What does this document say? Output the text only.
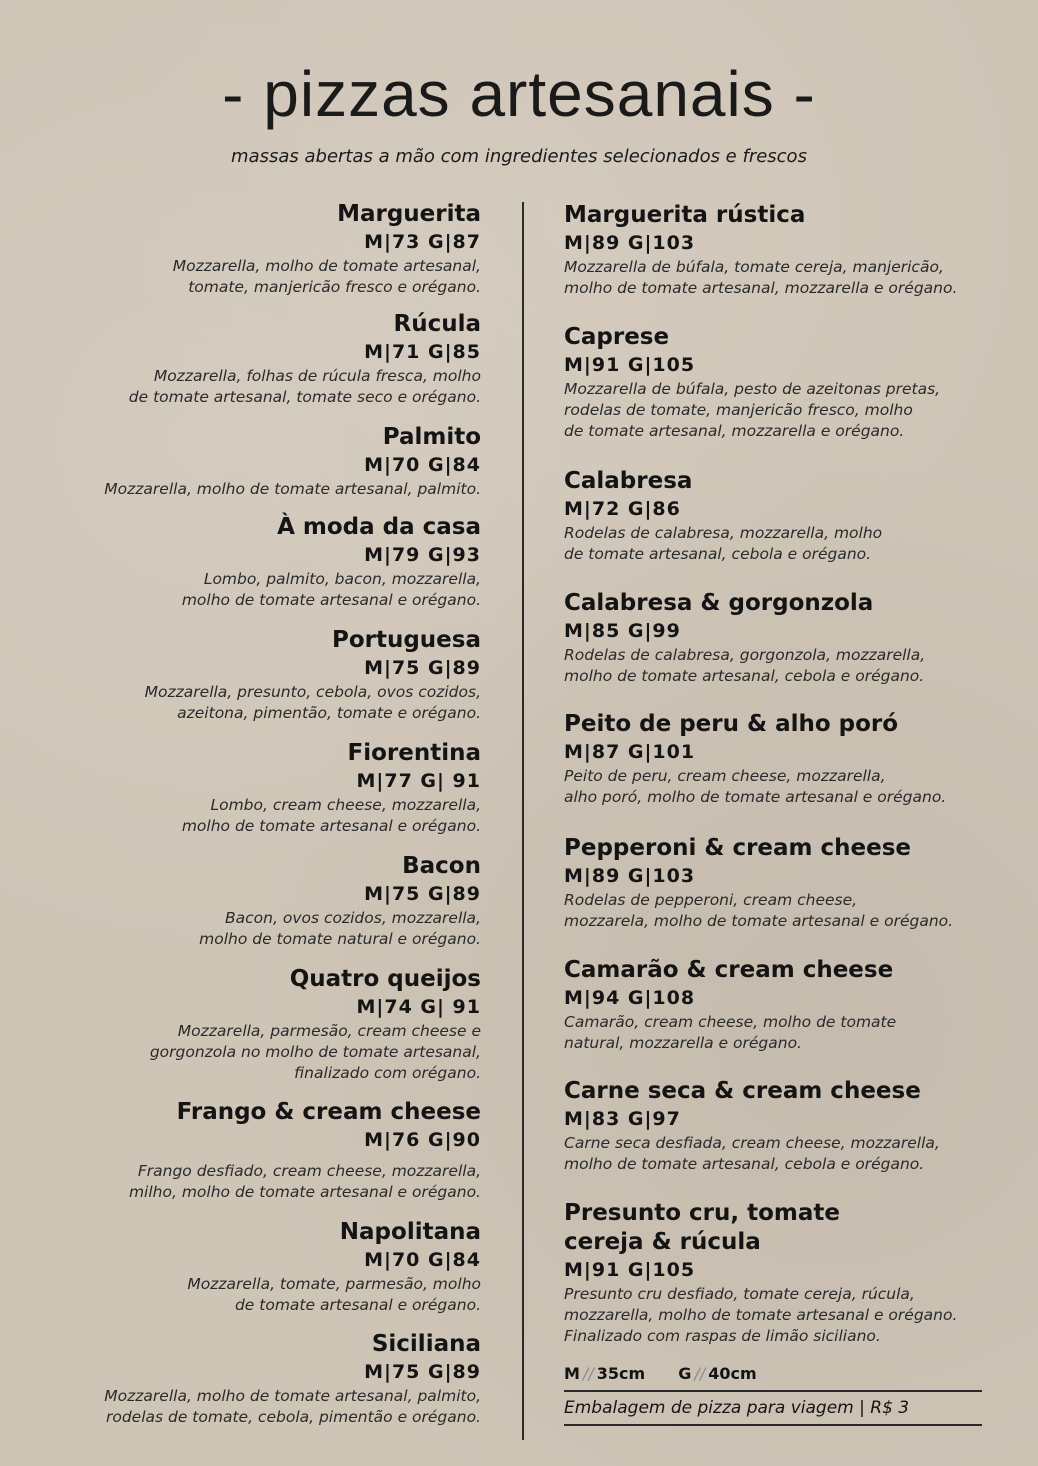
- pizzas artesanais -
massas abertas a mão com ingredientes selecionados e frescos
Marguerita
M|73 G|87
Mozzarella, molho de tomate artesanal,
tomate, manjericão fresco e orégano.
Rúcula
M|71 G|85
Mozzarella, folhas de rúcula fresca, molho
de tomate artesanal, tomate seco e orégano.
Palmito
M|70 G|84
Mozzarella, molho de tomate artesanal, palmito.
À moda da casa
M|79 G|93
Lombo, palmito, bacon, mozzarella,
molho de tomate artesanal e orégano.
Portuguesa
M|75 G|89
Mozzarella, presunto, cebola, ovos cozidos,
azeitona, pimentão, tomate e orégano.
Fiorentina
M|77 G| 91
Lombo, cream cheese, mozzarella,
molho de tomate artesanal e orégano.
Bacon
M|75 G|89
Bacon, ovos cozidos, mozzarella,
molho de tomate natural e orégano.
Quatro queijos
M|74 G| 91
Mozzarella, parmesão, cream cheese e
gorgonzola no molho de tomate artesanal,
finalizado com orégano.
Frango & cream cheese
M|76 G|90
Frango desfiado, cream cheese, mozzarella,
milho, molho de tomate artesanal e orégano.
Napolitana
M|70 G|84
Mozzarella, tomate, parmesão, molho
de tomate artesanal e orégano.
Siciliana
M|75 G|89
Mozzarella, molho de tomate artesanal, palmito,
rodelas de tomate, cebola, pimentão e orégano.
Marguerita rústica
M|89 G|103
Mozzarella de búfala, tomate cereja, manjericão,
molho de tomate artesanal, mozzarella e orégano.
Caprese
M|91 G|105
Mozzarella de búfala, pesto de azeitonas pretas,
rodelas de tomate, manjericão fresco, molho
de tomate artesanal, mozzarella e orégano.
Calabresa
M|72 G|86
Rodelas de calabresa, mozzarella, molho
de tomate artesanal, cebola e orégano.
Calabresa & gorgonzola
M|85 G|99
Rodelas de calabresa, gorgonzola, mozzarella,
molho de tomate artesanal, cebola e orégano.
Peito de peru & alho poró
M|87 G|101
Peito de peru, cream cheese, mozzarella,
alho poró, molho de tomate artesanal e orégano.
Pepperoni & cream cheese
M|89 G|103
Rodelas de pepperoni, cream cheese,
mozzarela, molho de tomate artesanal e orégano.
Camarão & cream cheese
M|94 G|108
Camarão, cream cheese, molho de tomate
natural, mozzarella e orégano.
Carne seca & cream cheese
M|83 G|97
Carne seca desfiada, cream cheese, mozzarella,
molho de tomate artesanal, cebola e orégano.
Presunto cru, tomate
cereja & rúcula
M|91 G|105
Presunto cru desfiado, tomate cereja, rúcula,
mozzarella, molho de tomate artesanal e orégano.
Finalizado com raspas de limão siciliano.
M // 35cm G // 40cm
Embalagem de pizza para viagem | R$ 3
